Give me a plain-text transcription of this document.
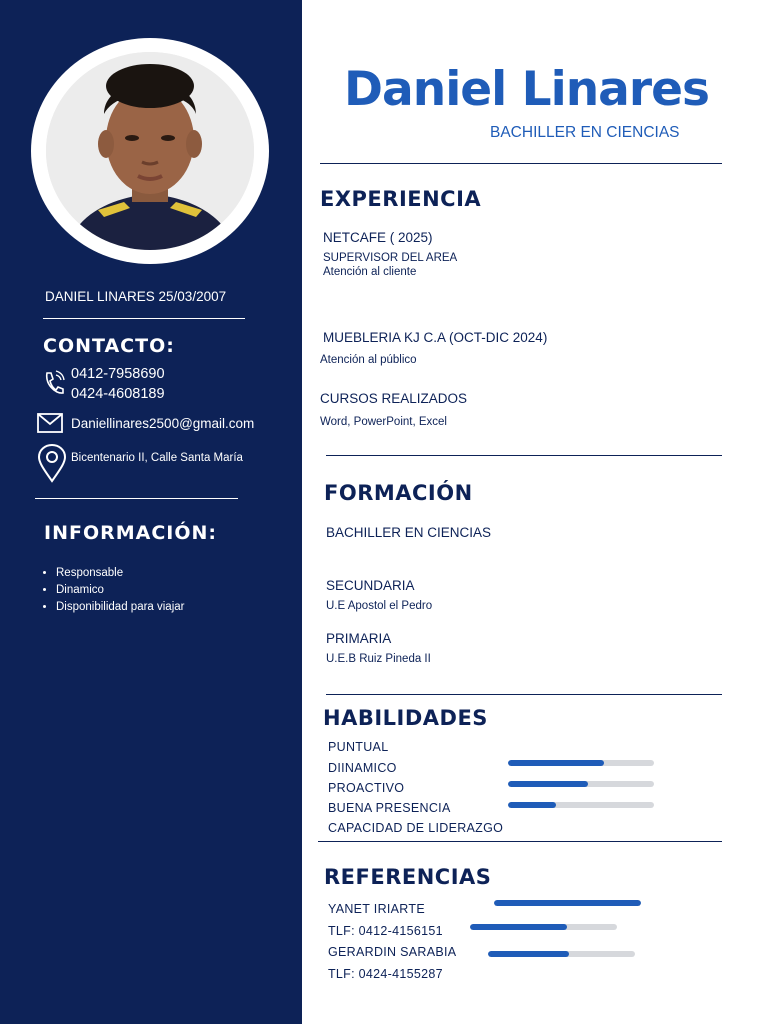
DANIEL LINARES 25/03/2007
CONTACTO:
0412-7958690
0424-4608189
Daniellinares2500@gmail.com
Bicentenario II, Calle Santa María
INFORMACIÓN:
• Responsable
• Dinamico
• Disponibilidad para viajar
Daniel Linares
BACHILLER EN CIENCIAS
EXPERIENCIA
NETCAFE ( 2025)
SUPERVISOR DEL AREA
Atención al cliente
MUEBLERIA KJ C.A (OCT-DIC 2024)
Atención al público
CURSOS REALIZADOS
Word, PowerPoint, Excel
FORMACIÓN
BACHILLER EN CIENCIAS
SECUNDARIA
U.E Apostol el Pedro
PRIMARIA
U.E.B Ruiz Pineda II
HABILIDADES
PUNTUAL
DIINAMICO
PROACTIVO
BUENA PRESENCIA
CAPACIDAD DE LIDERAZGO
REFERENCIAS
YANET IRIARTE
TLF: 0412-4156151
GERARDIN SARABIA
TLF: 0424-4155287
